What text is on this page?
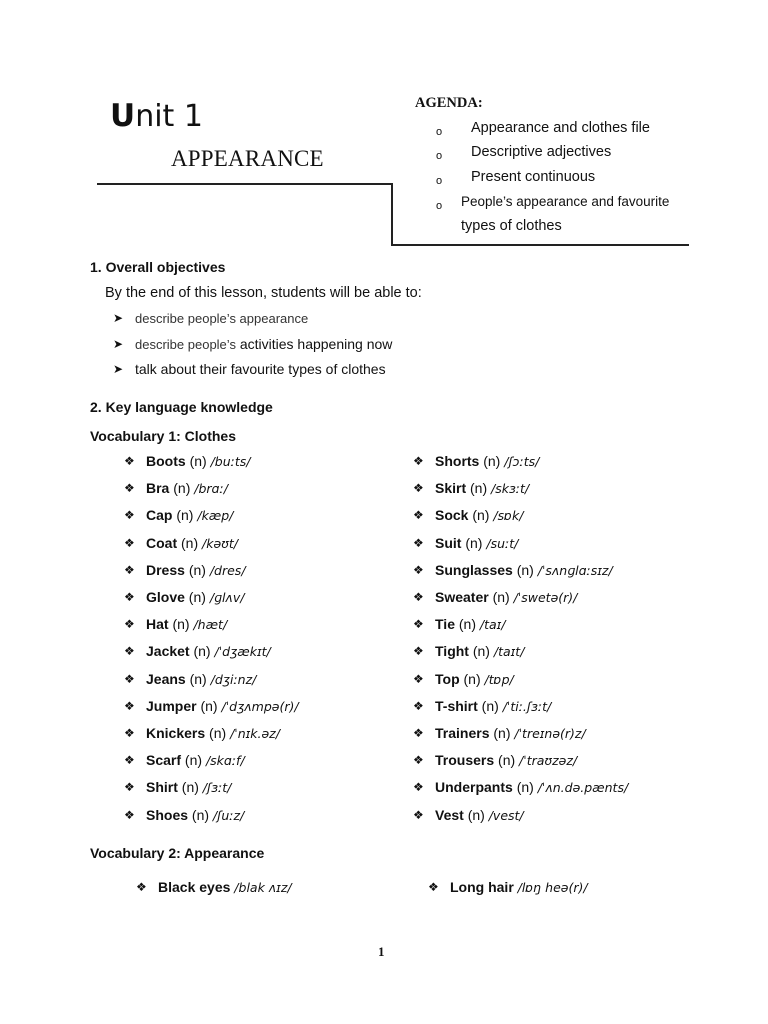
Unit 1
APPEARANCE
AGENDA:
o Appearance and clothes file
o Descriptive adjectives
o Present continuous
o People’s appearance and favourite
types of clothes
1. Overall objectives
By the end of this lesson, students will be able to:
➤ describe people’s appearance
➤ describe people’s activities happening now
➤ talk about their favourite types of clothes
2. Key language knowledge
Vocabulary 1: Clothes
❖ Boots (n) /buːts/
❖ Bra (n) /brɑː/
❖ Cap (n) /kæp/
❖ Coat (n) /kəʊt/
❖ Dress (n) /dres/
❖ Glove (n) /ɡlʌv/
❖ Hat (n) /hæt/
❖ Jacket (n) /ˈdʒækɪt/
❖ Jeans (n) /dʒiːnz/
❖ Jumper (n) /ˈdʒʌmpə(r)/
❖ Knickers (n) /ˈnɪk.əz/
❖ Scarf (n) /skɑːf/
❖ Shirt (n) /ʃɜːt/
❖ Shoes (n) /ʃuːz/
❖ Shorts (n) /ʃɔːts/
❖ Skirt (n) /skɜːt/
❖ Sock (n) /sɒk/
❖ Suit (n) /suːt/
❖ Sunglasses (n) /ˈsʌnɡlɑːsɪz/
❖ Sweater (n) /ˈswetə(r)/
❖ Tie (n) /taɪ/
❖ Tight (n) /taɪt/
❖ Top (n) /tɒp/
❖ T-shirt (n) /ˈtiː.ʃɜːt/
❖ Trainers (n) /ˈtreɪnə(r)z/
❖ Trousers (n) /ˈtraʊzəz/
❖ Underpants (n) /ˈʌn.də.pænts/
❖ Vest (n) /vest/
Vocabulary 2: Appearance
❖ Black eyes /blak ʌɪz/	❖ Long hair /lɒŋ heə(r)/
1
